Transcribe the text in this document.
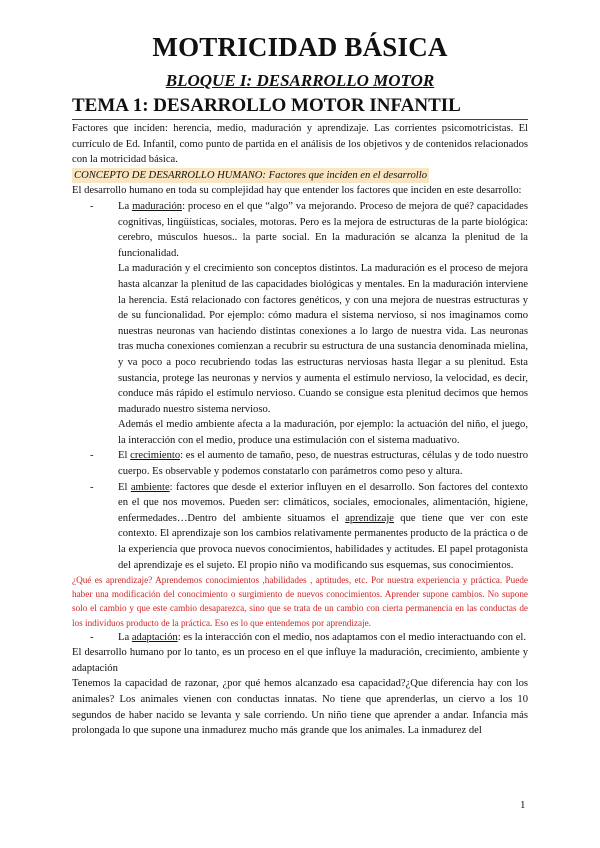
MOTRICIDAD BÁSICA
BLOQUE I: DESARROLLO MOTOR
TEMA 1: DESARROLLO MOTOR INFANTIL

Factores que inciden: herencia, medio, maduración y aprendizaje. Las corrientes psicomotricistas. El currículo de Ed. Infantil, como punto de partida en el análisis de los objetivos y de contenidos relacionados con la motricidad básica.

CONCEPTO DE DESARROLLO HUMANO: Factores que inciden en el desarrollo

El desarrollo humano en toda su complejidad hay que entender los factores que inciden en este desarrollo:

- La maduración: proceso en el que “algo” va mejorando. Proceso de mejora de qué? capacidades cognitivas, lingüísticas, sociales, motoras. Pero es la mejora de estructuras de la parte biológica: cerebro, músculos huesos.. la parte social. En la maduración se alcanza la plenitud de la funcionalidad.

La maduración y el crecimiento son conceptos distintos. La maduración es el proceso de mejora hasta alcanzar la plenitud de las capacidades biológicas y mentales. En la maduración interviene la herencia. Está relacionado con factores genéticos, y con una mejora de nuestras estructuras y de su funcionalidad. Por ejemplo: cómo madura el sistema nervioso, si nos imaginamos como nuestras neuronas van haciendo distintas conexiones a lo largo de nuestra vida. Las neuronas tras mucha conexiones comienzan a recubrir su estructura de una sustancia denominada mielina, y va poco a poco recubriendo todas las estructuras nerviosas hasta llegar a su plenitud. Esta sustancia, protege las neuronas y nervios y aumenta el estímulo nervioso, la velocidad, es decir, conduce más rápido el estímulo nervioso. Cuando se consigue esta plenitud decimos que hemos madurado nuestro sistema nervioso.

Además el medio ambiente afecta a la maduración, por ejemplo: la actuación del niño, el juego, la interacción con el medio, produce una estimulación con el sistema maduativo.

- El crecimiento: es el aumento de tamaño, peso, de nuestras estructuras, células y de todo nuestro cuerpo. Es observable y podemos constatarlo con parámetros como peso y altura.

- El ambiente: factores que desde el exterior influyen en el desarrollo. Son factores del contexto en el que nos movemos. Pueden ser: climáticos, sociales, emocionales, alimentación, higiene, enfermedades…Dentro del ambiente situamos el aprendizaje que tiene que ver con este contexto. El aprendizaje son los cambios relativamente permanentes producto de la práctica o de la experiencia que provoca nuevos conocimientos, habilidades y actitudes. El papel protagonista del aprendizaje es el sujeto. El propio niño va modificando sus esquemas, sus conocimientos.

¿Qué es aprendizaje? Aprendemos conocimientos ,habilidades , aptitudes, etc. Por nuestra experiencia y práctica. Puede haber una modificación del conocimiento o surgimiento de nuevos conocimientos. Aprender supone cambios. No supone solo el cambio y que este cambio desaparezca, sino que se trata de un cambio con cierta permanencia en las conductas de los individuos producto de la práctica. Eso es lo que entendemos por aprendizaje.

- La adaptación: es la interacción con el medio, nos adaptamos con el medio interactuando con el.

El desarrollo humano por lo tanto, es un proceso en el que influye la maduración, crecimiento, ambiente y adaptación

Tenemos la capacidad de razonar, ¿por qué hemos alcanzado esa capacidad?¿Que diferencia hay con los animales? Los animales vienen con conductas innatas. No tiene que aprenderlas, un ciervo a los 10 segundos de haber nacido se levanta y sale corriendo. Un niño tiene que aprender a andar. Infancia más prolongada lo que supone una inmadurez mucho más grande que los animales. La inmadurez del

1
